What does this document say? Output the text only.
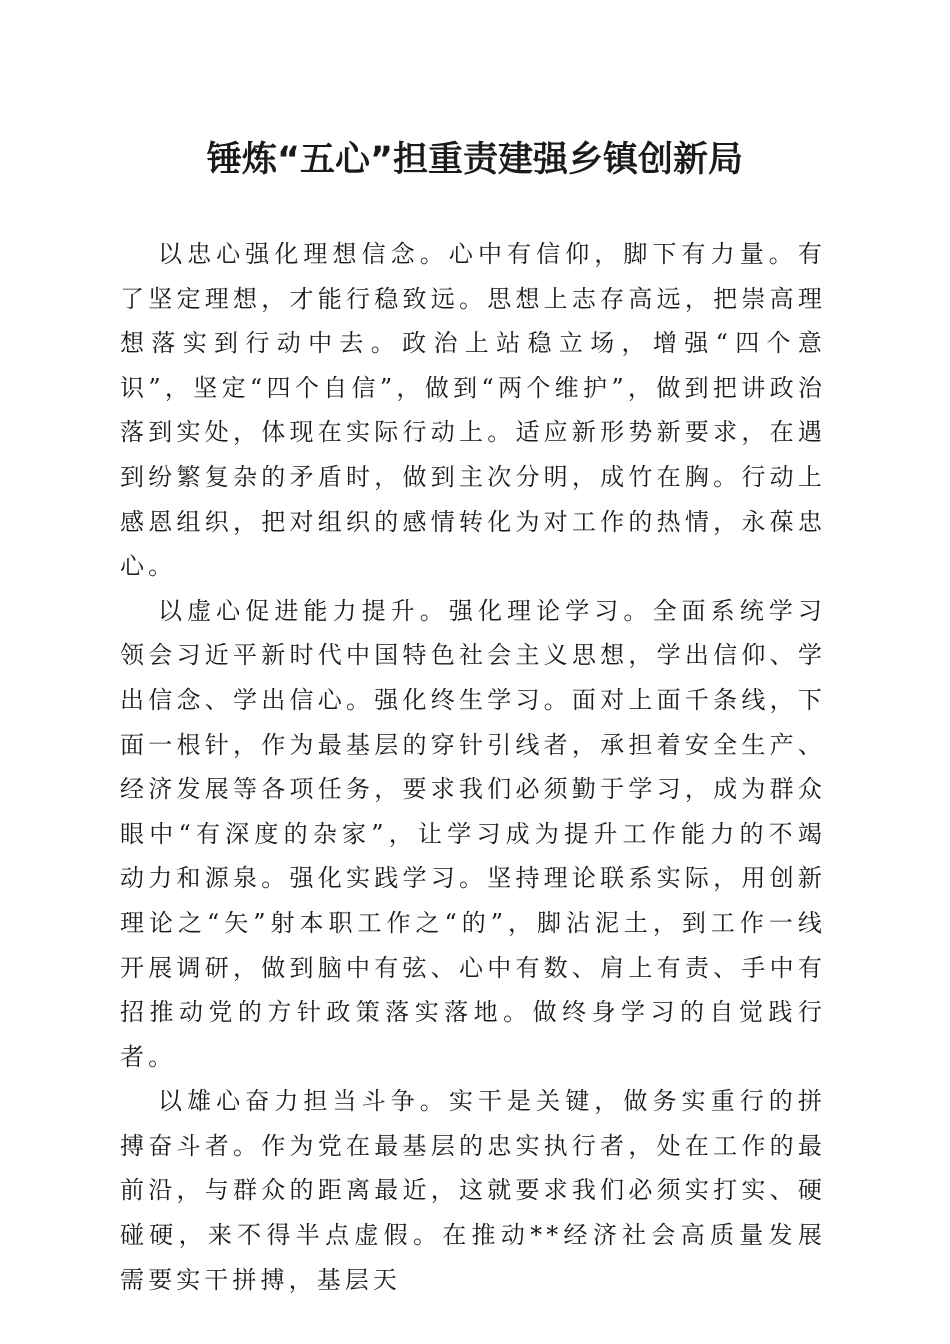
锤炼“五心”担重责建强乡镇创新局

以忠心强化理想信念。心中有信仰，脚下有力量。有了坚定理想，才能行稳致远。思想上志存高远，把崇高理想落实到行动中去。政治上站稳立场，增强“四个意识”，坚定“四个自信”，做到“两个维护”，做到把讲政治落到实处，体现在实际行动上。适应新形势新要求，在遇到纷繁复杂的矛盾时，做到主次分明，成竹在胸。行动上感恩组织，把对组织的感情转化为对工作的热情，永葆忠心。

以虚心促进能力提升。强化理论学习。全面系统学习领会习近平新时代中国特色社会主义思想，学出信仰、学出信念、学出信心。强化终生学习。面对上面千条线，下面一根针，作为最基层的穿针引线者，承担着安全生产、经济发展等各项任务，要求我们必须勤于学习，成为群众眼中“有深度的杂家”，让学习成为提升工作能力的不竭动力和源泉。强化实践学习。坚持理论联系实际，用创新理论之“矢”射本职工作之“的”，脚沾泥土，到工作一线开展调研，做到脑中有弦、心中有数、肩上有责、手中有招推动党的方针政策落实落地。做终身学习的自觉践行者。

以雄心奋力担当斗争。实干是关键，做务实重行的拼搏奋斗者。作为党在最基层的忠实执行者，处在工作的最前沿，与群众的距离最近，这就要求我们必须实打实、硬碰硬，来不得半点虚假。在推动**经济社会高质量发展需要实干拼搏，基层天
